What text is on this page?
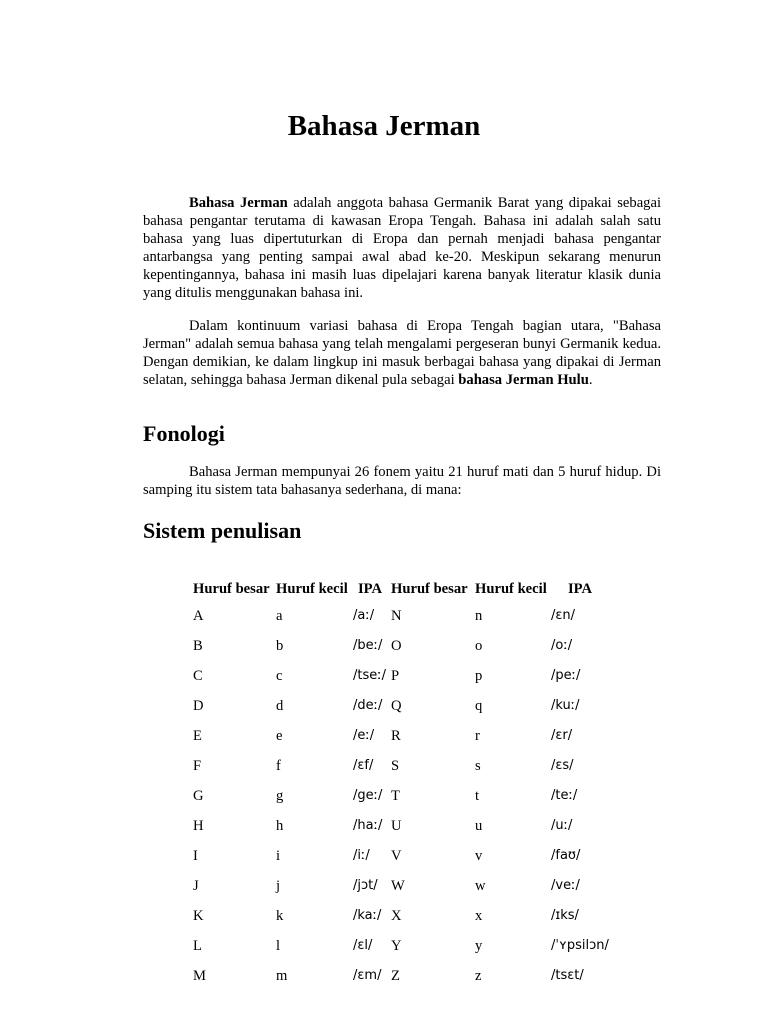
Bahasa Jerman

Bahasa Jerman adalah anggota bahasa Germanik Barat yang dipakai sebagai bahasa pengantar terutama di kawasan Eropa Tengah. Bahasa ini adalah salah satu bahasa yang luas dipertuturkan di Eropa dan pernah menjadi bahasa pengantar antarbangsa yang penting sampai awal abad ke-20. Meskipun sekarang menurun kepentingannya, bahasa ini masih luas dipelajari karena banyak literatur klasik dunia yang ditulis menggunakan bahasa ini.

Dalam kontinuum variasi bahasa di Eropa Tengah bagian utara, "Bahasa Jerman" adalah semua bahasa yang telah mengalami pergeseran bunyi Germanik kedua. Dengan demikian, ke dalam lingkup ini masuk berbagai bahasa yang dipakai di Jerman selatan, sehingga bahasa Jerman dikenal pula sebagai bahasa Jerman Hulu.

Fonologi

Bahasa Jerman mempunyai 26 fonem yaitu 21 huruf mati dan 5 huruf hidup. Di samping itu sistem tata bahasanya sederhana, di mana:

Sistem penulisan
Huruf besar Huruf kecil IPA Huruf besar Huruf kecil IPA
A	a	/aː/ N	n	/ɛn/
B	b	/beː/ O	o	/oː/
C	c	/tseː/ P	p	/peː/
D	d	/deː/ Q	q	/kuː/
E	e	/eː/ R	r	/ɛr/
F	f	/ɛf/ S	s	/ɛs/
G	g	/geː/ T	t	/teː/
H	h	/haː/ U	u	/uː/
I	i	/iː/ V	v	/faʊ/
J	j	/jɔt/ W	w	/veː/
K	k	/kaː/ X	x	/ɪks/
L	l	/ɛl/ Y	y	/ˈʏpsilɔn/
M	m	/ɛm/ Z	z	/tsɛt/
